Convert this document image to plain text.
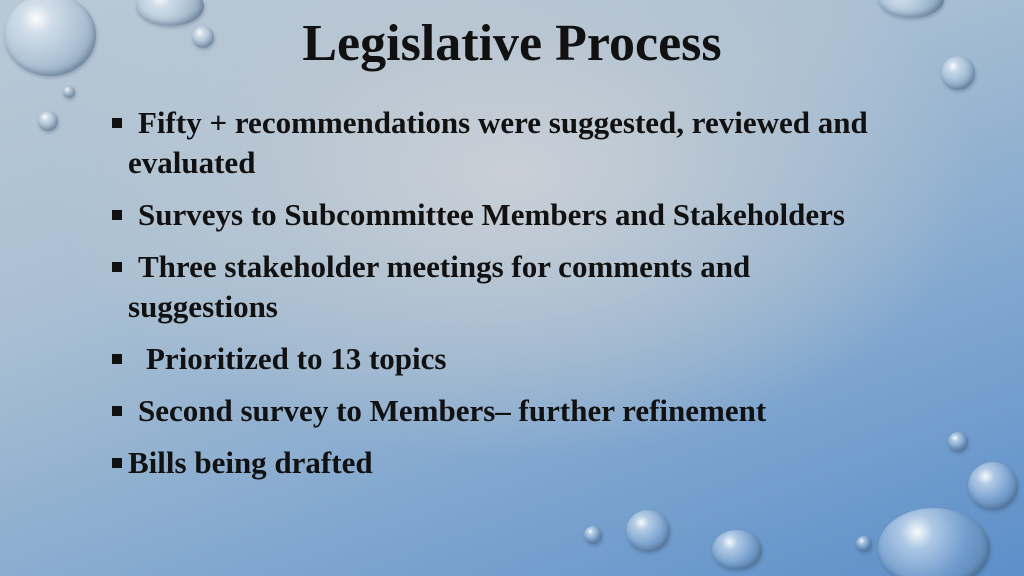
Legislative Process
Fifty + recommendations were suggested, reviewed and
evaluated
Surveys to Subcommittee Members and Stakeholders
Three stakeholder meetings for comments and
suggestions
Prioritized to 13 topics
Second survey to Members– further refinement
Bills being drafted
